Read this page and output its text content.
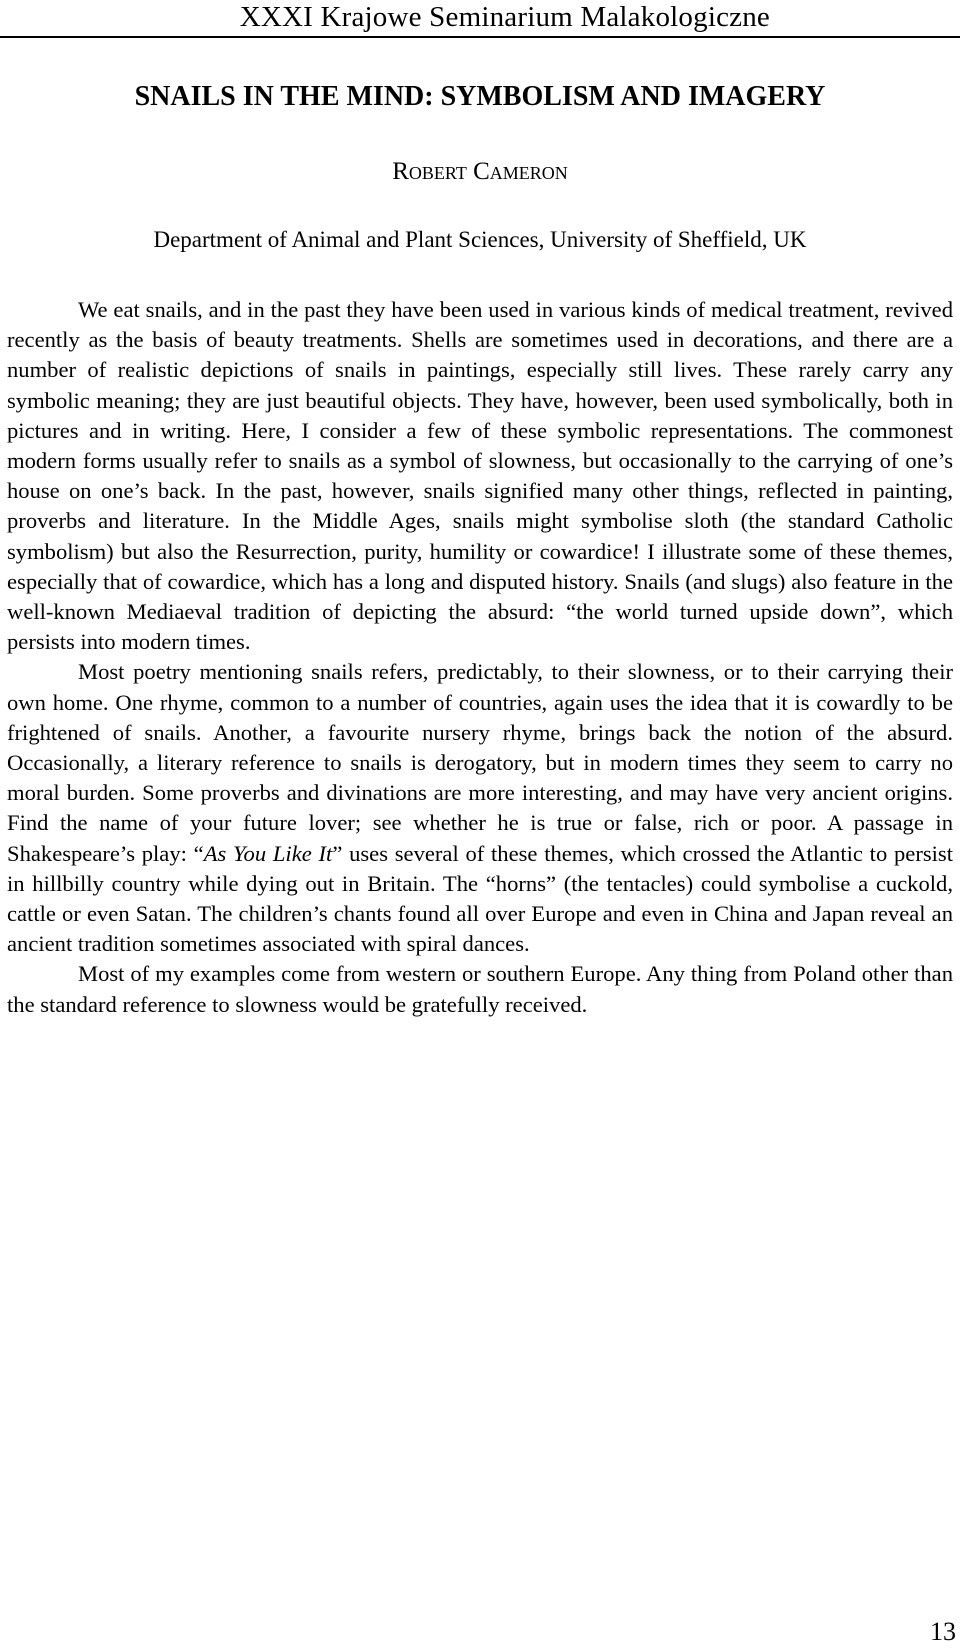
XXXI Krajowe Seminarium Malakologiczne
SNAILS IN THE MIND: SYMBOLISM AND IMAGERY
Robert Cameron
Department of Animal and Plant Sciences, University of Sheffield, UK

We eat snails, and in the past they have been used in various kinds of medical treatment, revived recently as the basis of beauty treatments. Shells are sometimes used in decorations, and there are a number of realistic depictions of snails in paintings, especially still lives. These rarely carry any symbolic meaning; they are just beautiful objects. They have, however, been used symbolically, both in pictures and in writing. Here, I consider a few of these symbolic representations. The commonest modern forms usually refer to snails as a symbol of slowness, but occasionally to the carrying of one’s house on one’s back. In the past, however, snails signified many other things, reflected in painting, proverbs and literature. In the Middle Ages, snails might symbolise sloth (the standard Catholic symbolism) but also the Resurrection, purity, humility or cowardice! I illustrate some of these themes, especially that of cowardice, which has a long and disputed history. Snails (and slugs) also feature in the well-known Mediaeval tradition of depicting the absurd: “the world turned upside down”, which persists into modern times.

Most poetry mentioning snails refers, predictably, to their slowness, or to their carrying their own home. One rhyme, common to a number of countries, again uses the idea that it is cowardly to be frightened of snails. Another, a favourite nursery rhyme, brings back the notion of the absurd. Occasionally, a literary reference to snails is derogatory, but in modern times they seem to carry no moral burden. Some proverbs and divinations are more interesting, and may have very ancient origins. Find the name of your future lover; see whether he is true or false, rich or poor. A passage in Shakespeare’s play: “As You Like It” uses several of these themes, which crossed the Atlantic to persist in hillbilly country while dying out in Britain. The “horns” (the tentacles) could symbolise a cuckold, cattle or even Satan. The children’s chants found all over Europe and even in China and Japan reveal an ancient tradition sometimes associated with spiral dances.

Most of my examples come from western or southern Europe. Any thing from Poland other than the standard reference to slowness would be gratefully received.

13
